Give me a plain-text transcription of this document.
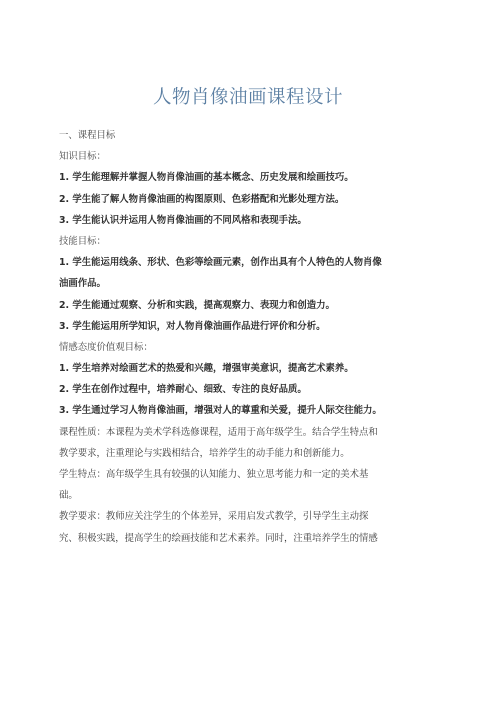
人物肖像油画课程设计
一、课程目标
知识目标：
1. 学生能理解并掌握人物肖像油画的基本概念、历史发展和绘画技巧。
2. 学生能了解人物肖像油画的构图原则、色彩搭配和光影处理方法。
3. 学生能认识并运用人物肖像油画的不同风格和表现手法。
技能目标：
1. 学生能运用线条、形状、色彩等绘画元素，创作出具有个人特色的人物肖像
油画作品。
2. 学生能通过观察、分析和实践，提高观察力、表现力和创造力。
3. 学生能运用所学知识，对人物肖像油画作品进行评价和分析。
情感态度价值观目标：
1. 学生培养对绘画艺术的热爱和兴趣，增强审美意识，提高艺术素养。
2. 学生在创作过程中，培养耐心、细致、专注的良好品质。
3. 学生通过学习人物肖像油画，增强对人的尊重和关爱，提升人际交往能力。
课程性质：本课程为美术学科选修课程，适用于高年级学生。结合学生特点和
教学要求，注重理论与实践相结合，培养学生的动手能力和创新能力。
学生特点：高年级学生具有较强的认知能力、独立思考能力和一定的美术基
础。
教学要求：教师应关注学生的个体差异，采用启发式教学，引导学生主动探
究、积极实践，提高学生的绘画技能和艺术素养。同时，注重培养学生的情感
